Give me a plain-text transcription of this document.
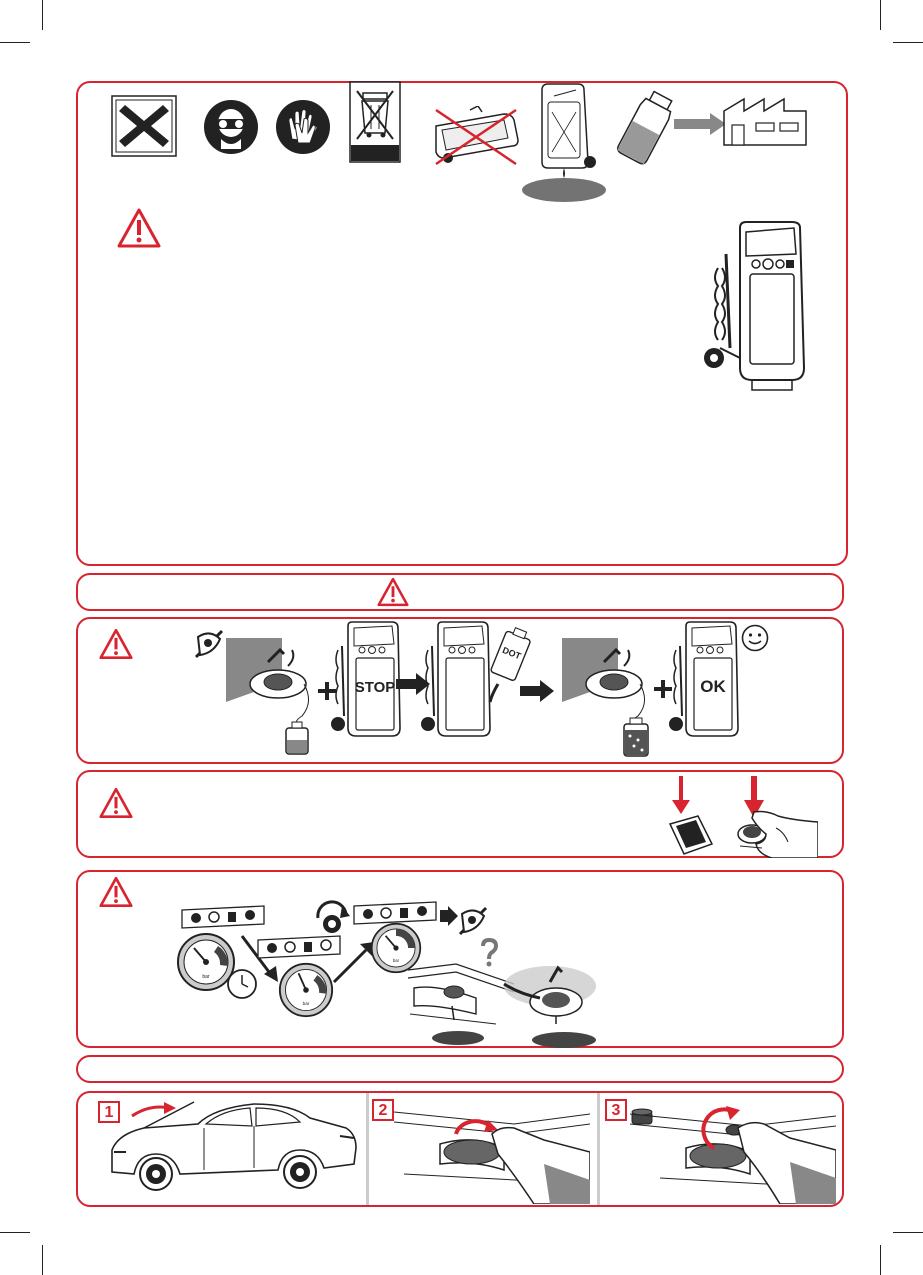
STOP
DOT
OK
bar
bar
bar
1	2	3
